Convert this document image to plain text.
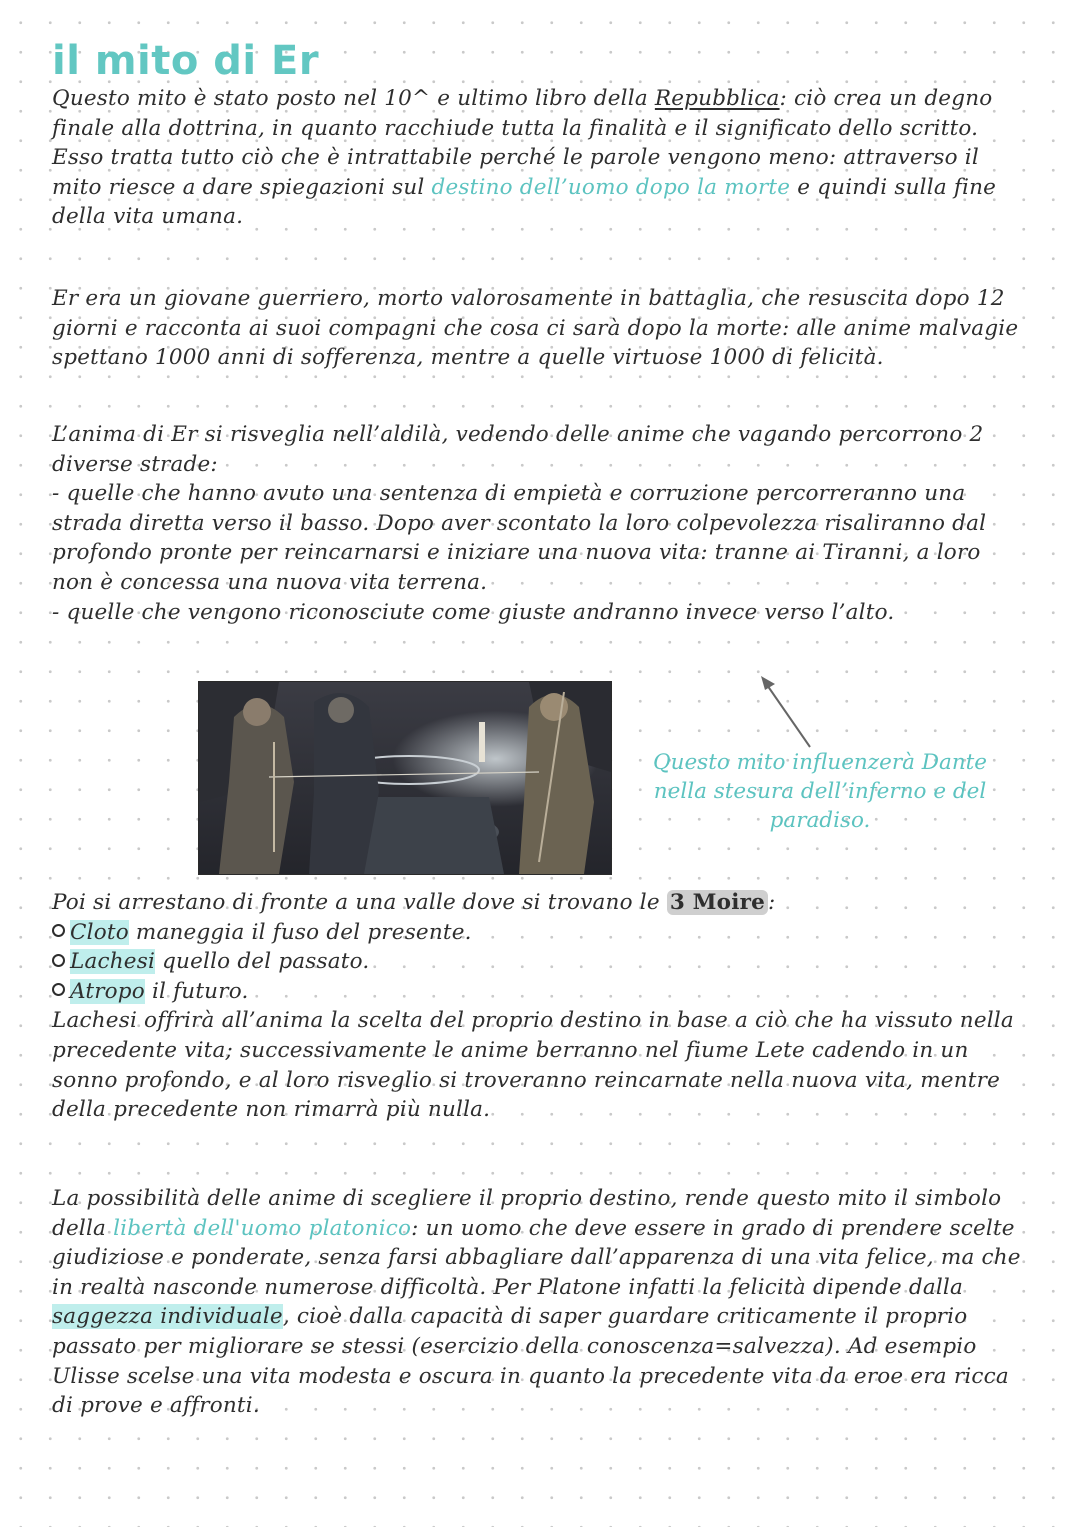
il mito di Er

Questo mito è stato posto nel 10^ e ultimo libro della Repubblica: ciò crea un degno finale alla dottrina, in quanto racchiude tutta la finalità e il significato dello scritto. Esso tratta tutto ciò che è intrattabile perché le parole vengono meno: attraverso il mito riesce a dare spiegazioni sul destino dell’uomo dopo la morte e quindi sulla fine della vita umana.

Er era un giovane guerriero, morto valorosamente in battaglia, che resuscita dopo 12 giorni e racconta ai suoi compagni che cosa ci sarà dopo la morte: alle anime malvagie spettano 1000 anni di sofferenza, mentre a quelle virtuose 1000 di felicità.

L’anima di Er si risveglia nell’aldilà, vedendo delle anime che vagando percorrono 2 diverse strade:
- quelle che hanno avuto una sentenza di empietà e corruzione percorreranno una strada diretta verso il basso. Dopo aver scontato la loro colpevolezza risaliranno dal profondo pronte per reincarnarsi e iniziare una nuova vita: tranne ai Tiranni, a loro non è concessa una nuova vita terrena.
- quelle che vengono riconosciute come giuste andranno invece verso l’alto.

Questo mito influenzerà Dante nella stesura dell’inferno e del paradiso.

Poi si arrestano di fronte a una valle dove si trovano le 3 Moire :

Cloto maneggia il fuso del presente.
Lachesi quello del passato.
Atropo il futuro.
Lachesi offrirà all’anima la scelta del proprio destino in base a ciò che ha vissuto nella precedente vita; successivamente le anime berranno nel fiume Lete cadendo in un sonno profondo, e al loro risveglio si troveranno reincarnate nella nuova vita, mentre della precedente non rimarrà più nulla.

La possibilità delle anime di scegliere il proprio destino, rende questo mito il simbolo della libertà dell'uomo platonico: un uomo che deve essere in grado di prendere scelte giudiziose e ponderate, senza farsi abbagliare dall’apparenza di una vita felice, ma che in realtà nasconde numerose difficoltà. Per Platone infatti la felicità dipende dalla saggezza individuale, cioè dalla capacità di saper guardare criticamente il proprio passato per migliorare se stessi (esercizio della conoscenza=salvezza). Ad esempio Ulisse scelse una vita modesta e oscura in quanto la precedente vita da eroe era ricca di prove e affronti.
